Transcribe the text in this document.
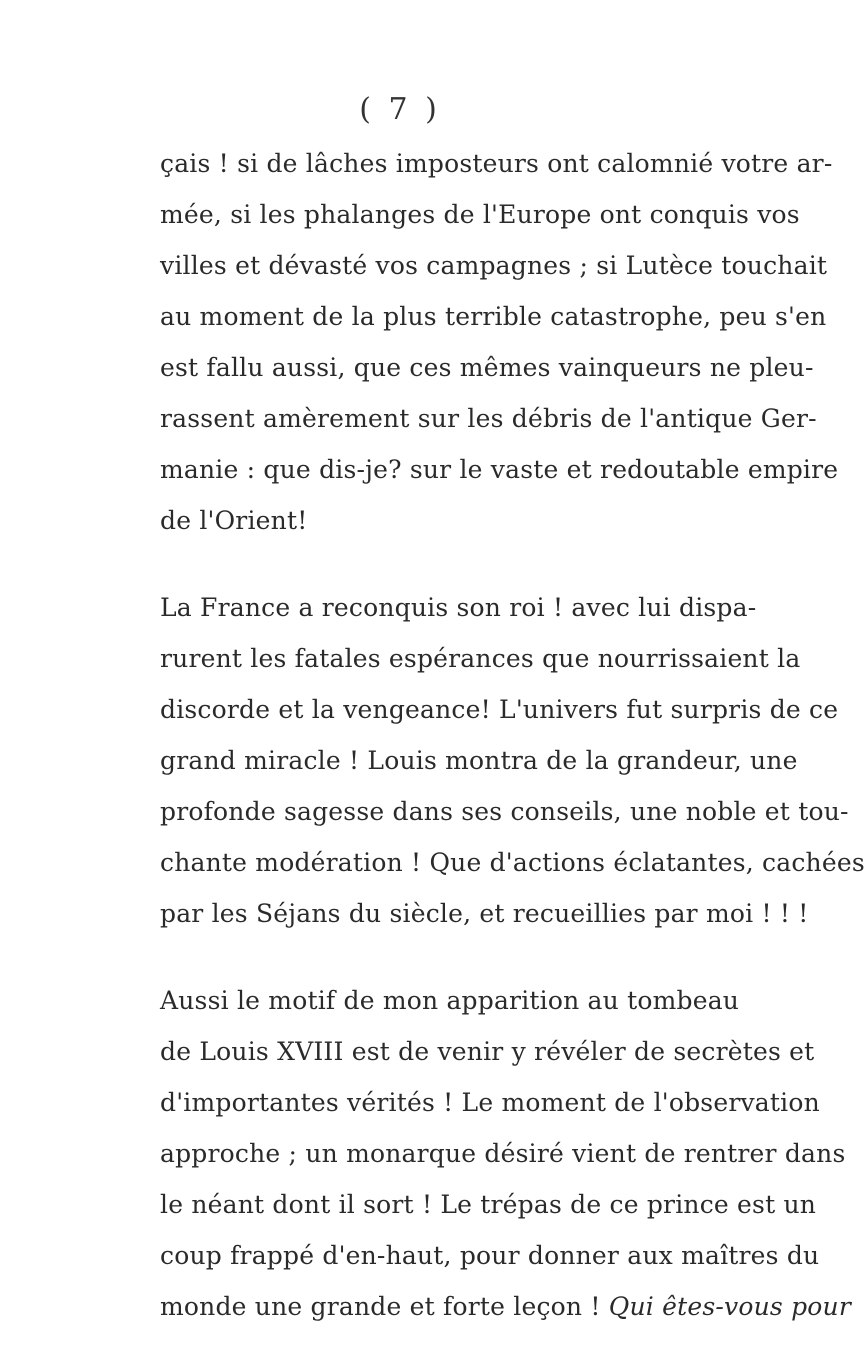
( 7 )

çais ! si de lâches imposteurs ont calomnié votre ar-
mée, si les phalanges de l'Europe ont conquis vos
villes et dévasté vos campagnes ; si Lutèce touchait
au moment de la plus terrible catastrophe, peu s'en
est fallu aussi, que ces mêmes vainqueurs ne pleu-
rassent amèrement sur les débris de l'antique Ger-
manie : que dis-je? sur le vaste et redoutable empire
de l'Orient!

La France a reconquis son roi ! avec lui dispa-
rurent les fatales espérances que nourrissaient la
discorde et la vengeance! L'univers fut surpris de ce
grand miracle ! Louis montra de la grandeur, une
profonde sagesse dans ses conseils, une noble et tou-
chante modération ! Que d'actions éclatantes, cachées
par les Séjans du siècle, et recueillies par moi ! ! !

Aussi le motif de mon apparition au tombeau
de Louis XVIII est de venir y révéler de secrètes et
d'importantes vérités ! Le moment de l'observation
approche ; un monarque désiré vient de rentrer dans
le néant dont il sort ! Le trépas de ce prince est un
coup frappé d'en-haut, pour donner aux maîtres du
monde une grande et forte leçon ! Qui êtes-vous pour
